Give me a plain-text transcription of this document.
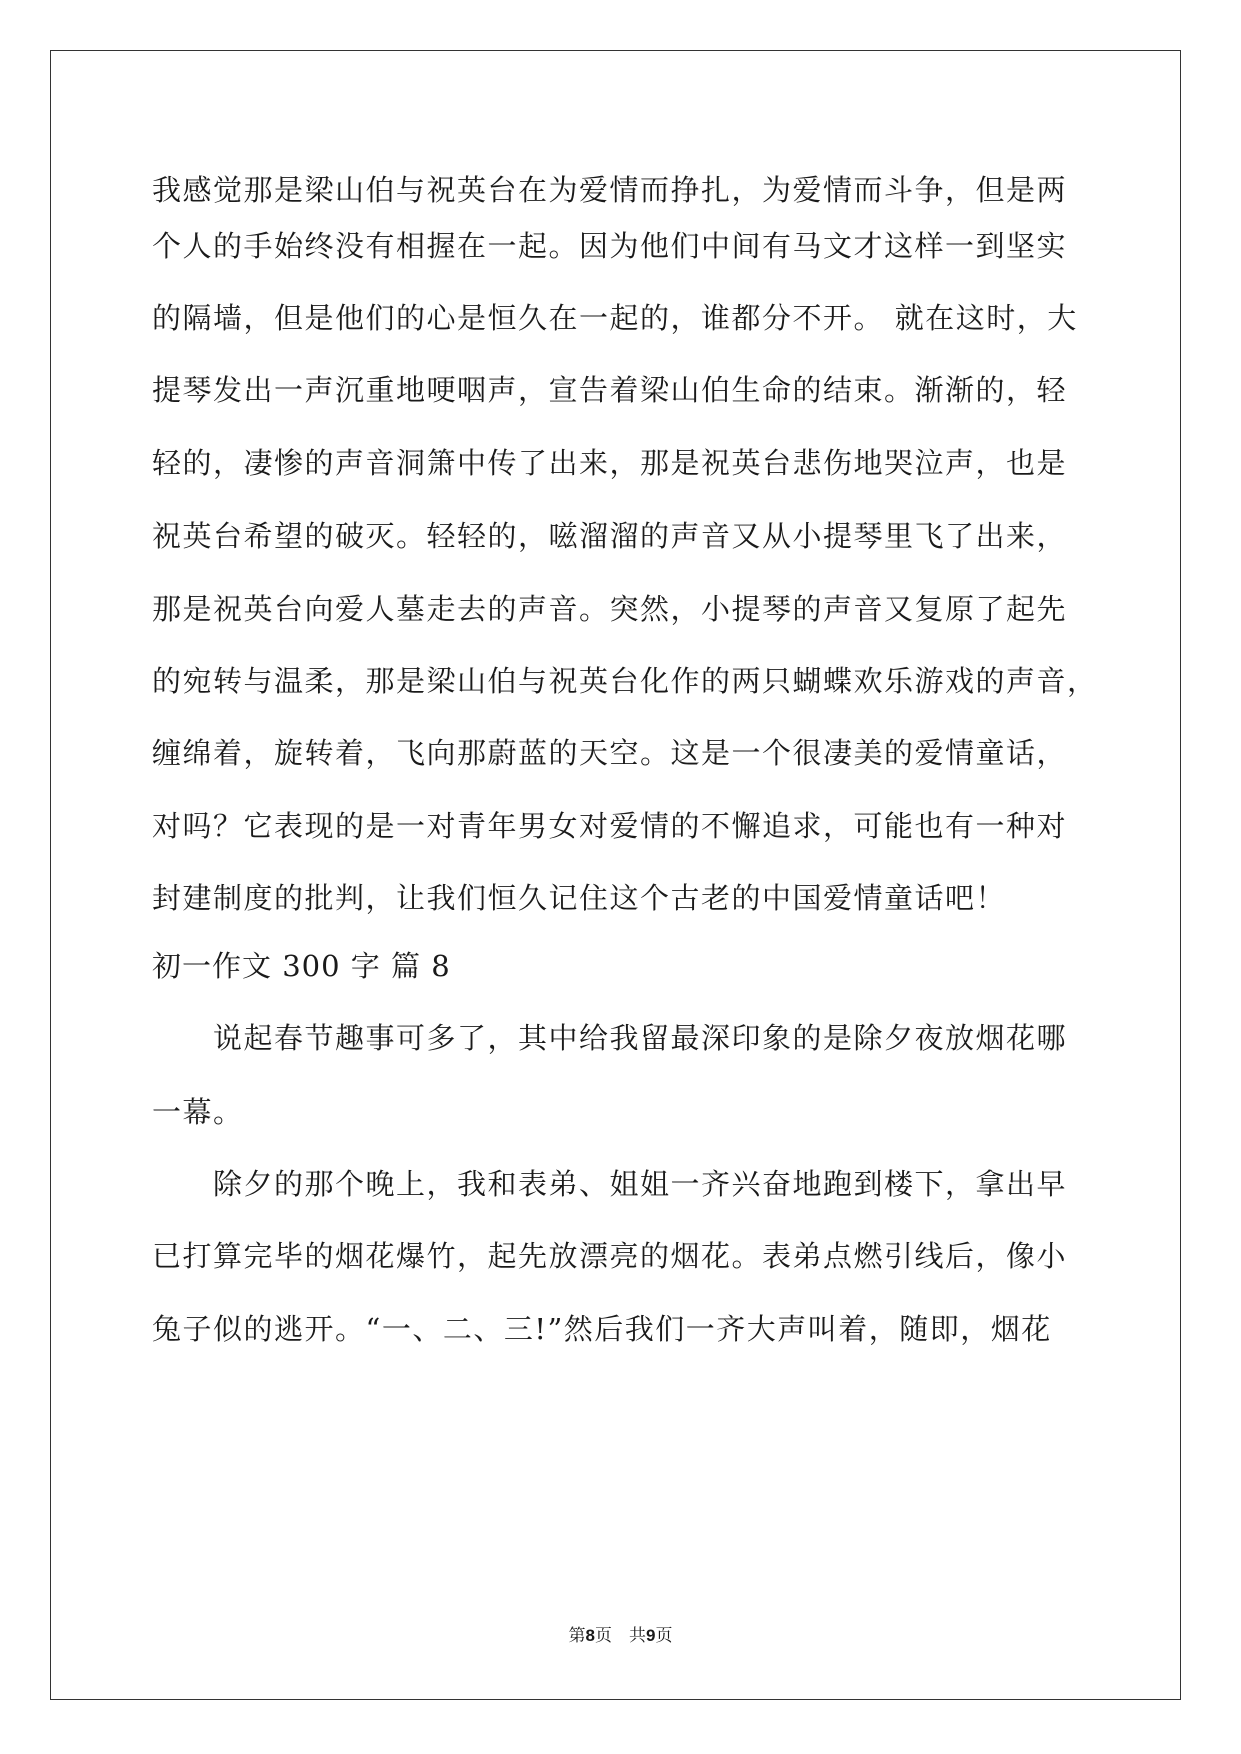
我感觉那是梁山伯与祝英台在为爱情而挣扎，为爱情而斗争，但是两
个人的手始终没有相握在一起。因为他们中间有马文才这样一到坚实
的隔墙，但是他们的心是恒久在一起的，谁都分不开。 就在这时，大
提琴发出一声沉重地哽咽声，宣告着梁山伯生命的结束。渐渐的，轻
轻的，凄惨的声音洞箫中传了出来，那是祝英台悲伤地哭泣声，也是
祝英台希望的破灭。轻轻的，嗞溜溜的声音又从小提琴里飞了出来，
那是祝英台向爱人墓走去的声音。突然，小提琴的声音又复原了起先
的宛转与温柔，那是梁山伯与祝英台化作的两只蝴蝶欢乐游戏的声音，
缠绵着，旋转着，飞向那蔚蓝的天空。这是一个很凄美的爱情童话，
对吗？它表现的是一对青年男女对爱情的不懈追求，可能也有一种对
封建制度的批判，让我们恒久记住这个古老的中国爱情童话吧！
初一作文 300 字 篇 8
　　说起春节趣事可多了，其中给我留最深印象的是除夕夜放烟花哪
一幕。
　　除夕的那个晚上，我和表弟、姐姐一齐兴奋地跑到楼下，拿出早
已打算完毕的烟花爆竹，起先放漂亮的烟花。表弟点燃引线后，像小
兔子似的逃开。“一、二、三!”然后我们一齐大声叫着，随即，烟花
第8页　共9页
